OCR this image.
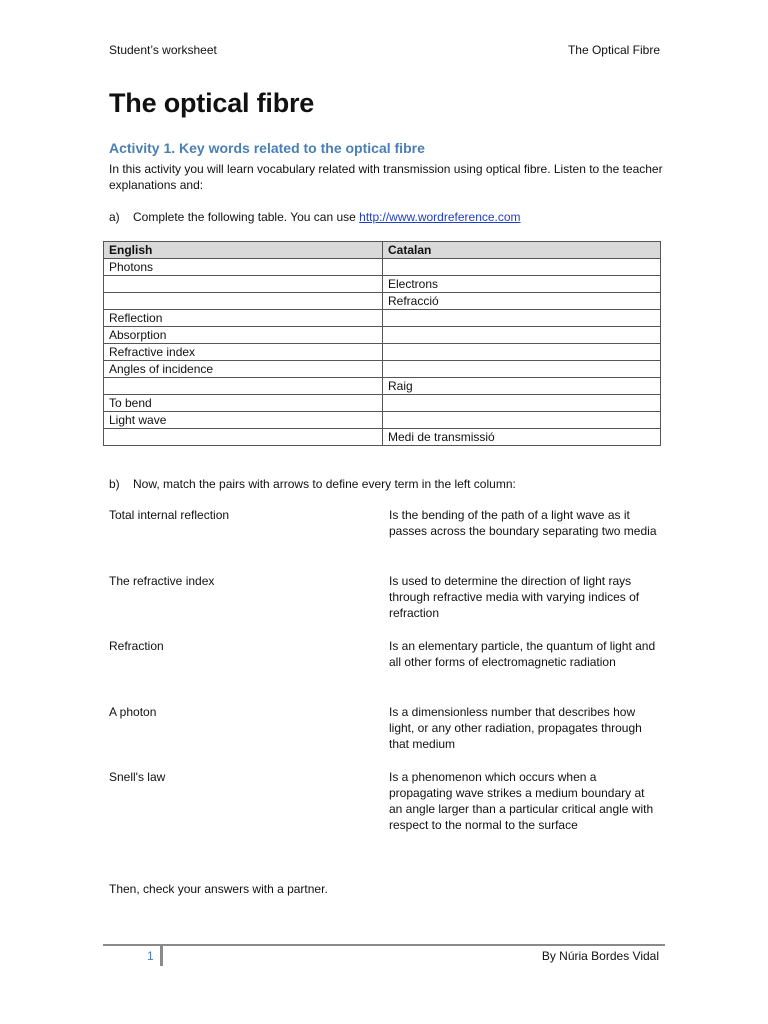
Student’s worksheet	The Optical Fibre
The optical fibre
Activity 1. Key words related to the optical fibre
In this activity you will learn vocabulary related with transmission using optical fibre. Listen to the teacher explanations and:
a) Complete the following table. You can use http://www.wordreference.com
English	Catalan
Photons	
	Electrons
	Refracció
Reflection	
Absorption	
Refractive index	
Angles of incidence	
	Raig
To bend	
Light wave	
	Medi de transmissió
b) Now, match the pairs with arrows to define every term in the left column:
Total internal reflection	Is the bending of the path of a light wave as it passes across the boundary separating two media
The refractive index	Is used to determine the direction of light rays through refractive media with varying indices of refraction
Refraction	Is an elementary particle, the quantum of light and all other forms of electromagnetic radiation
A photon	Is a dimensionless number that describes how light, or any other radiation, propagates through that medium
Snell's law	Is a phenomenon which occurs when a propagating wave strikes a medium boundary at an angle larger than a particular critical angle with respect to the normal to the surface
Then, check your answers with a partner.
1	By Núria Bordes Vidal
